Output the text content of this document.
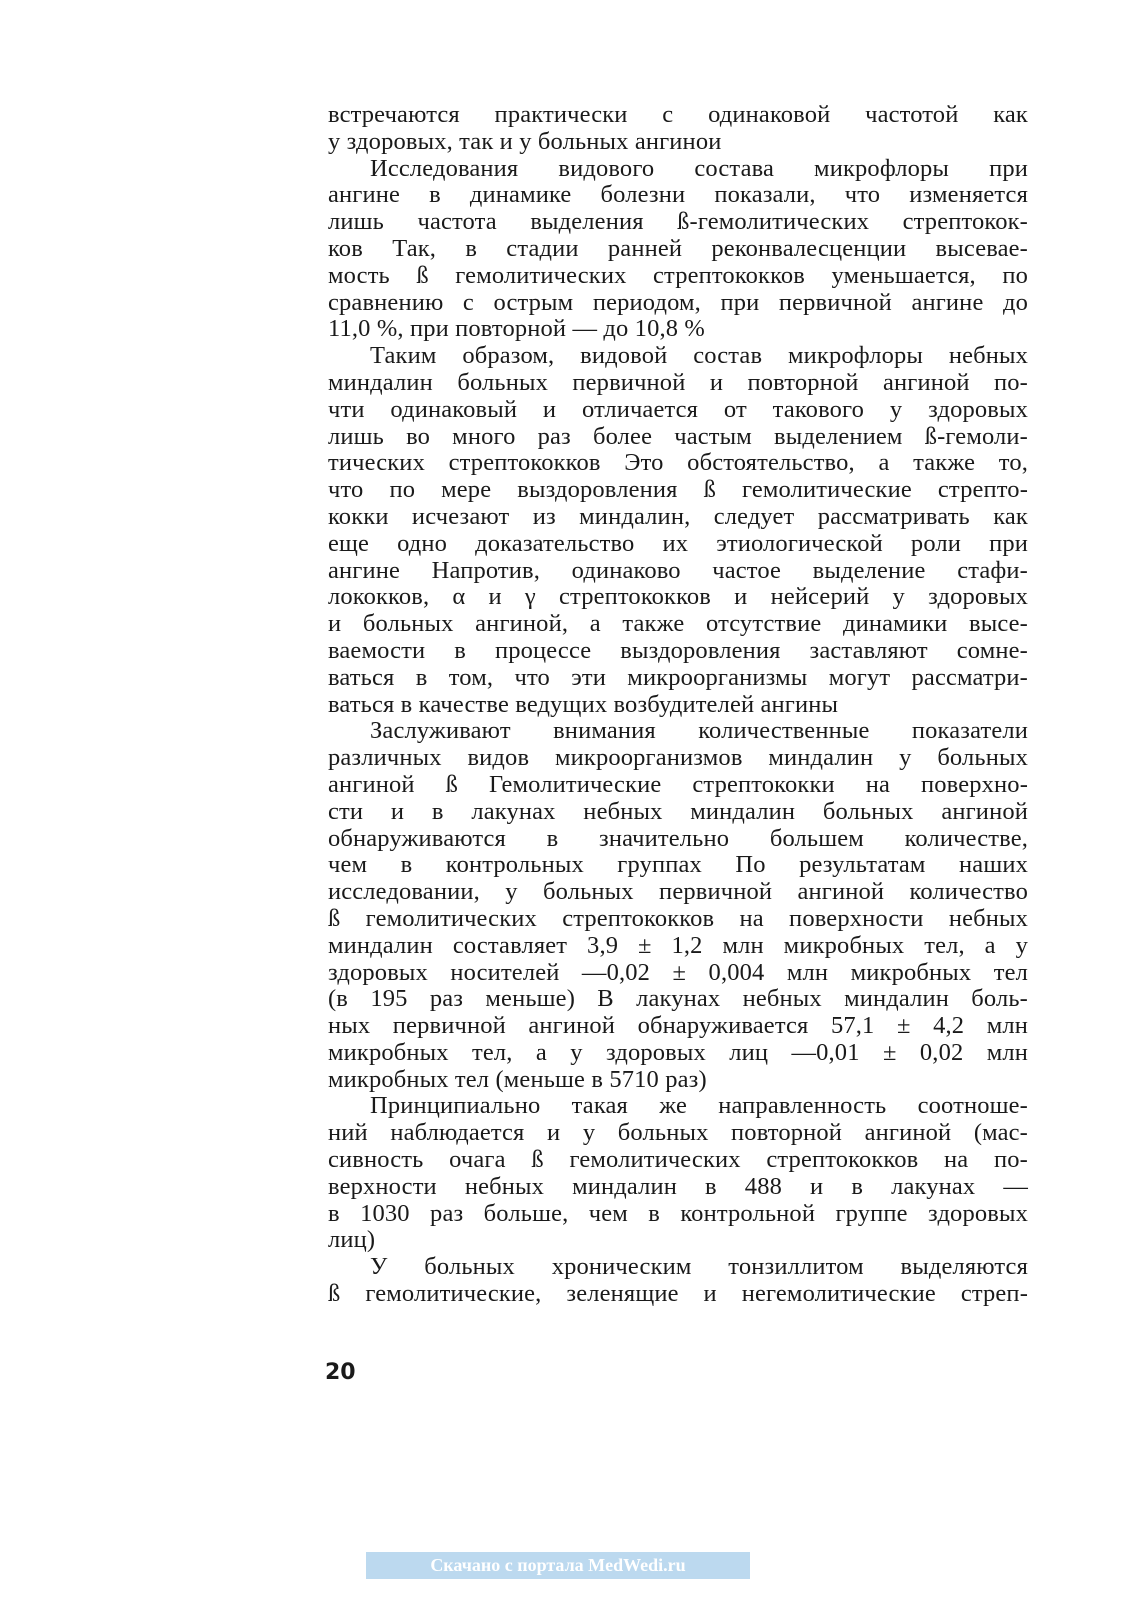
встречаются практически с одинаковой частотой как
у здоровых, так и у больных ангинои
Исследования видового состава микрофлоры при
ангине в динамике болезни показали, что изменяется
лишь частота выделения ß-гемолитических стрептокок-
ков Так, в стадии ранней реконвалесценции высевае-
мость ß гемолитических стрептококков уменьшается, по
сравнению с острым периодом, при первичной ангине до
11,0 %, при повторной — до 10,8 %
Таким образом, видовой состав микрофлоры небных
миндалин больных первичной и повторной ангиной по-
чти одинаковый и отличается от такового у здоровых
лишь во много раз более частым выделением ß-гемоли-
тических стрептококков Это обстоятельство, а также то,
что по мере выздоровления ß гемолитические стрепто-
кокки исчезают из миндалин, следует рассматривать как
еще одно доказательство их этиологической роли при
ангине Напротив, одинаково частое выделение стафи-
лококков, α и γ стрептококков и нейсерий у здоровых
и больных ангиной, а также отсутствие динамики высе-
ваемости в процессе выздоровления заставляют сомне-
ваться в том, что эти микроорганизмы могут рассматри-
ваться в качестве ведущих возбудителей ангины
Заслуживают внимания количественные показатели
различных видов микроорганизмов миндалин у больных
ангиной ß Гемолитические стрептококки на поверхно-
сти и в лакунах небных миндалин больных ангиной
обнаруживаются в значительно большем количестве,
чем в контрольных группах По результатам наших
исследовании, у больных первичной ангиной количество
ß гемолитических стрептококков на поверхности небных
миндалин составляет 3,9 ± 1,2 млн микробных тел, а у
здоровых носителей —0,02 ± 0,004 млн микробных тел
(в 195 раз меньше) В лакунах небных миндалин боль-
ных первичной ангиной обнаруживается 57,1 ± 4,2 млн
микробных тел, а у здоровых лиц —0,01 ± 0,02 млн
микробных тел (меньше в 5710 раз)
Принципиально такая же направленность соотноше-
ний наблюдается и у больных повторной ангиной (мас-
сивность очага ß гемолитических стрептококков на по-
верхности небных миндалин в 488 и в лакунах —
в 1030 раз больше, чем в контрольной группе здоровых
лиц)
У больных хроническим тонзиллитом выделяются
ß гемолитические, зеленящие и негемолитические стреп-
20
Скачано с портала MedWedi.ru
